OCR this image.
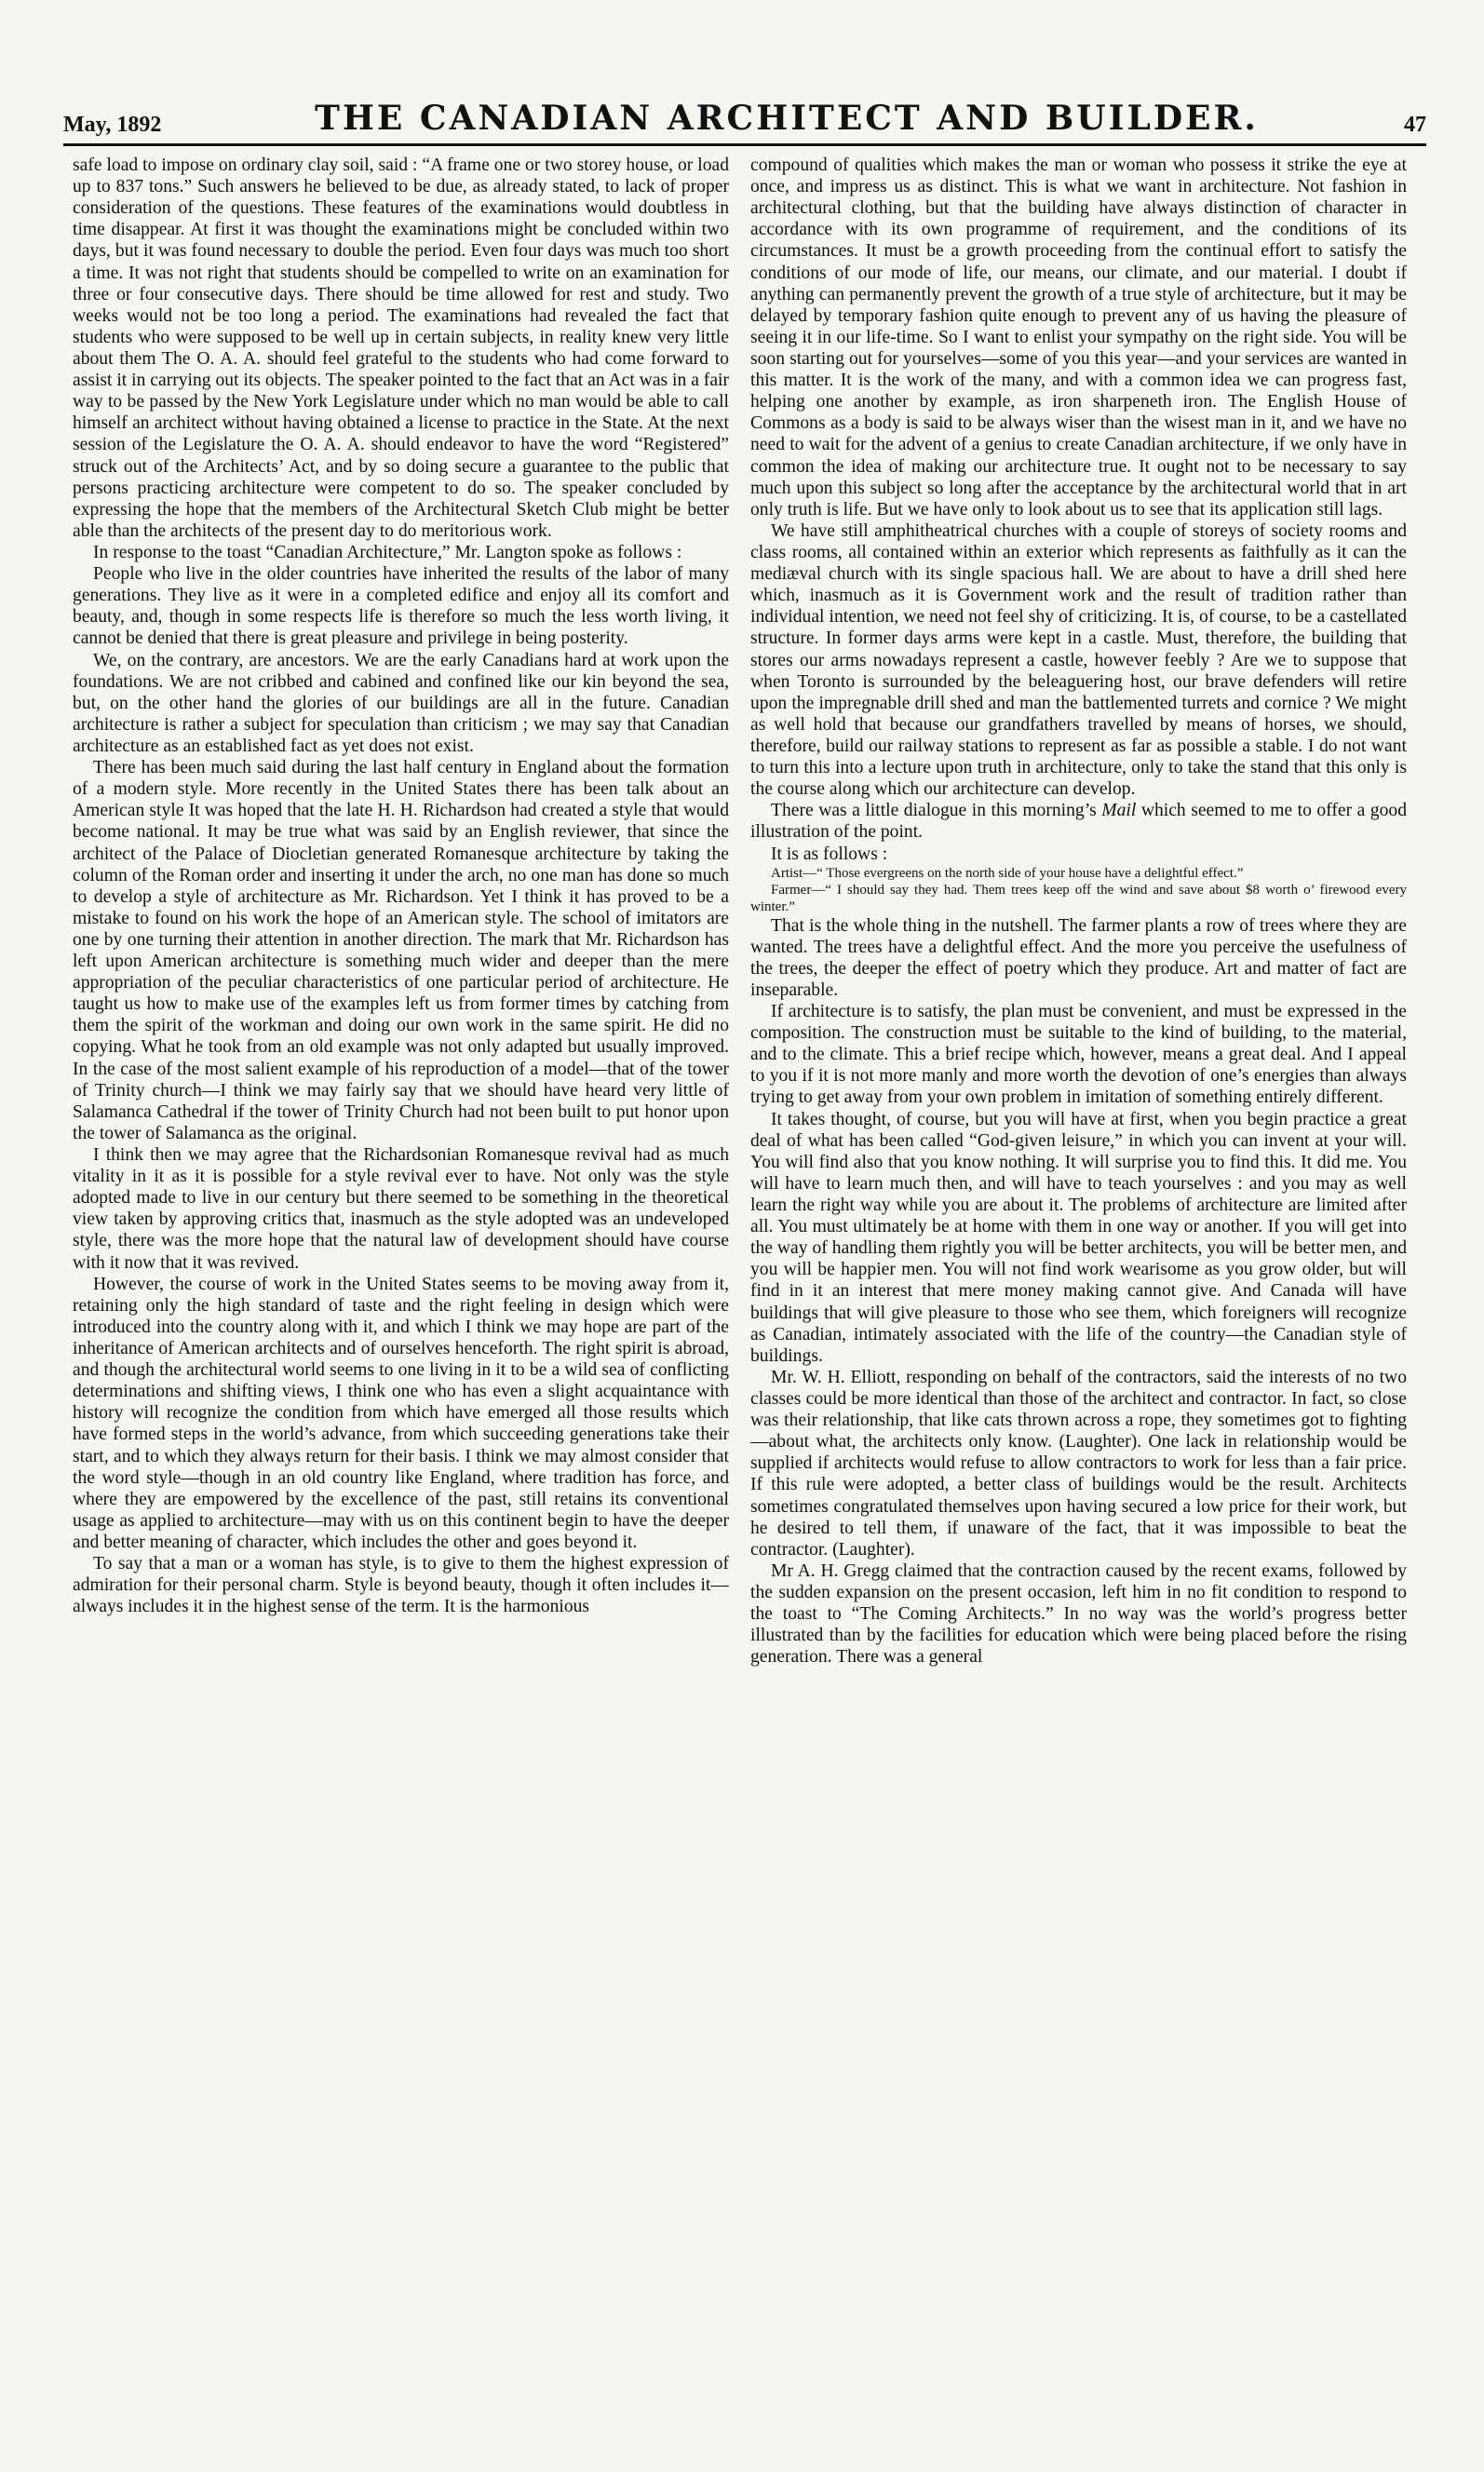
May, 1892	THE CANADIAN ARCHITECT AND BUILDER.	47

safe load to impose on ordinary clay soil, said : “A frame one or two storey house, or load up to 837 tons.” Such answers he believed to be due, as already stated, to lack of proper consideration of the questions. These features of the examinations would doubtless in time disappear. At first it was thought the examinations might be concluded within two days, but it was found necessary to double the period. Even four days was much too short a time. It was not right that students should be compelled to write on an examination for three or four consecutive days. There should be time allowed for rest and study. Two weeks would not be too long a period. The examinations had revealed the fact that students who were supposed to be well up in certain subjects, in reality knew very little about them The O. A. A. should feel grateful to the students who had come forward to assist it in carrying out its objects. The speaker pointed to the fact that an Act was in a fair way to be passed by the New York Legislature under which no man would be able to call himself an architect without having obtained a license to practice in the State. At the next session of the Legislature the O. A. A. should endeavor to have the word “Registered” struck out of the Architects’ Act, and by so doing secure a guarantee to the public that persons practicing architecture were competent to do so. The speaker concluded by expressing the hope that the members of the Architectural Sketch Club might be better able than the architects of the present day to do meritorious work.

In response to the toast “Canadian Architecture,” Mr. Langton spoke as follows :

People who live in the older countries have inherited the results of the labor of many generations. They live as it were in a completed edifice and enjoy all its comfort and beauty, and, though in some respects life is therefore so much the less worth living, it cannot be denied that there is great pleasure and privilege in being posterity.

We, on the contrary, are ancestors. We are the early Canadians hard at work upon the foundations. We are not cribbed and cabined and confined like our kin beyond the sea, but, on the other hand the glories of our buildings are all in the future. Canadian architecture is rather a subject for speculation than criticism ; we may say that Canadian architecture as an established fact as yet does not exist.

There has been much said during the last half century in England about the formation of a modern style. More recently in the United States there has been talk about an American style It was hoped that the late H. H. Richardson had created a style that would become national. It may be true what was said by an English reviewer, that since the architect of the Palace of Diocletian generated Romanesque architecture by taking the column of the Roman order and inserting it under the arch, no one man has done so much to develop a style of architecture as Mr. Richardson. Yet I think it has proved to be a mistake to found on his work the hope of an American style. The school of imitators are one by one turning their attention in another direction. The mark that Mr. Richardson has left upon American architecture is something much wider and deeper than the mere appropriation of the peculiar characteristics of one particular period of architecture. He taught us how to make use of the examples left us from former times by catching from them the spirit of the workman and doing our own work in the same spirit. He did no copying. What he took from an old example was not only adapted but usually improved. In the case of the most salient example of his reproduction of a model—that of the tower of Trinity church—I think we may fairly say that we should have heard very little of Salamanca Cathedral if the tower of Trinity Church had not been built to put honor upon the tower of Salamanca as the original.

I think then we may agree that the Richardsonian Romanesque revival had as much vitality in it as it is possible for a style revival ever to have. Not only was the style adopted made to live in our century but there seemed to be something in the theoretical view taken by approving critics that, inasmuch as the style adopted was an undeveloped style, there was the more hope that the natural law of development should have course with it now that it was revived.

However, the course of work in the United States seems to be moving away from it, retaining only the high standard of taste and the right feeling in design which were introduced into the country along with it, and which I think we may hope are part of the inheritance of American architects and of ourselves henceforth. The right spirit is abroad, and though the architectural world seems to one living in it to be a wild sea of conflicting determinations and shifting views, I think one who has even a slight acquaintance with history will recognize the condition from which have emerged all those results which have formed steps in the world’s advance, from which succeeding generations take their start, and to which they always return for their basis. I think we may almost consider that the word style—though in an old country like England, where tradition has force, and where they are empowered by the excellence of the past, still retains its conventional usage as applied to architecture—may with us on this continent begin to have the deeper and better meaning of character, which includes the other and goes beyond it.

To say that a man or a woman has style, is to give to them the highest expression of admiration for their personal charm. Style is beyond beauty, though it often includes it—always includes it in the highest sense of the term. It is the harmonious

compound of qualities which makes the man or woman who possess it strike the eye at once, and impress us as distinct. This is what we want in architecture. Not fashion in architectural clothing, but that the building have always distinction of character in accordance with its own programme of requirement, and the conditions of its circumstances. It must be a growth proceeding from the continual effort to satisfy the conditions of our mode of life, our means, our climate, and our material. I doubt if anything can permanently prevent the growth of a true style of architecture, but it may be delayed by temporary fashion quite enough to prevent any of us having the pleasure of seeing it in our life-time. So I want to enlist your sympathy on the right side. You will be soon starting out for yourselves—some of you this year—and your services are wanted in this matter. It is the work of the many, and with a common idea we can progress fast, helping one another by example, as iron sharpeneth iron. The English House of Commons as a body is said to be always wiser than the wisest man in it, and we have no need to wait for the advent of a genius to create Canadian architecture, if we only have in common the idea of making our architecture true. It ought not to be necessary to say much upon this subject so long after the acceptance by the architectural world that in art only truth is life. But we have only to look about us to see that its application still lags.

We have still amphitheatrical churches with a couple of storeys of society rooms and class rooms, all contained within an exterior which represents as faithfully as it can the mediæval church with its single spacious hall. We are about to have a drill shed here which, inasmuch as it is Government work and the result of tradition rather than individual intention, we need not feel shy of criticizing. It is, of course, to be a castellated structure. In former days arms were kept in a castle. Must, therefore, the building that stores our arms nowadays represent a castle, however feebly ? Are we to suppose that when Toronto is surrounded by the beleaguering host, our brave defenders will retire upon the impregnable drill shed and man the battlemented turrets and cornice ? We might as well hold that because our grandfathers travelled by means of horses, we should, therefore, build our railway stations to represent as far as possible a stable. I do not want to turn this into a lecture upon truth in architecture, only to take the stand that this only is the course along which our architecture can develop.

There was a little dialogue in this morning’s Mail which seemed to me to offer a good illustration of the point.

It is as follows :

Artist—“ Those evergreens on the north side of your house have a delightful effect.”

Farmer—“ I should say they had. Them trees keep off the wind and save about $8 worth o’ firewood every winter.”

That is the whole thing in the nutshell. The farmer plants a row of trees where they are wanted. The trees have a delightful effect. And the more you perceive the usefulness of the trees, the deeper the effect of poetry which they produce. Art and matter of fact are inseparable.

If architecture is to satisfy, the plan must be convenient, and must be expressed in the composition. The construction must be suitable to the kind of building, to the material, and to the climate. This a brief recipe which, however, means a great deal. And I appeal to you if it is not more manly and more worth the devotion of one’s energies than always trying to get away from your own problem in imitation of something entirely different.

It takes thought, of course, but you will have at first, when you begin practice a great deal of what has been called “God-given leisure,” in which you can invent at your will. You will find also that you know nothing. It will surprise you to find this. It did me. You will have to learn much then, and will have to teach yourselves : and you may as well learn the right way while you are about it. The problems of architecture are limited after all. You must ultimately be at home with them in one way or another. If you will get into the way of handling them rightly you will be better architects, you will be better men, and you will be happier men. You will not find work wearisome as you grow older, but will find in it an interest that mere money making cannot give. And Canada will have buildings that will give pleasure to those who see them, which foreigners will recognize as Canadian, intimately associated with the life of the country—the Canadian style of buildings.

Mr. W. H. Elliott, responding on behalf of the contractors, said the interests of no two classes could be more identical than those of the architect and contractor. In fact, so close was their relationship, that like cats thrown across a rope, they sometimes got to fighting—about what, the architects only know. (Laughter). One lack in relationship would be supplied if architects would refuse to allow contractors to work for less than a fair price. If this rule were adopted, a better class of buildings would be the result. Architects sometimes congratulated themselves upon having secured a low price for their work, but he desired to tell them, if unaware of the fact, that it was impossible to beat the contractor. (Laughter).

Mr A. H. Gregg claimed that the contraction caused by the recent exams, followed by the sudden expansion on the present occasion, left him in no fit condition to respond to the toast to “The Coming Architects.” In no way was the world’s progress better illustrated than by the facilities for education which were being placed before the rising generation. There was a general
